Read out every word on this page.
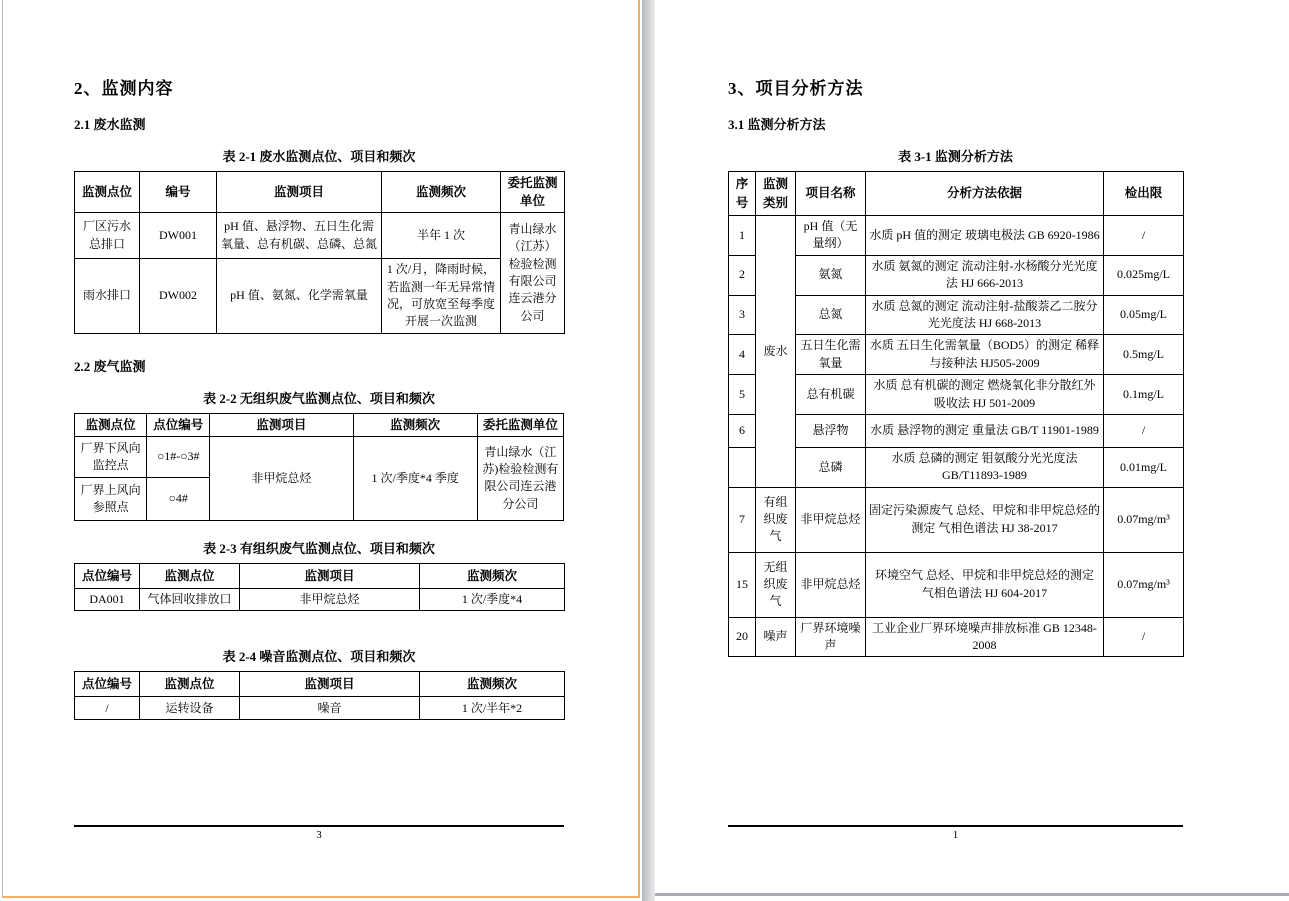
2、监测内容
2.1 废水监测
表 2-1 废水监测点位、项目和频次
监测点位	编号	监测项目	监测频次	委托监测单位
厂区污水总排口	DW001	pH 值、悬浮物、五日生化需氧量、总有机碳、总磷、总氮	半年 1 次	青山绿水（江苏）检验检测有限公司连云港分公司
雨水排口	DW002	pH 值、氨氮、化学需氧量	1 次/月，降雨时候，若监测一年无异常情况，可放宽至每季度开展一次监测	
2.2 废气监测
表 2-2 无组织废气监测点位、项目和频次
监测点位	点位编号	监测项目	监测频次	委托监测单位
厂界下风向监控点	○1#-○3#	非甲烷总烃	1 次/季度*4 季度	青山绿水（江苏)检验检测有限公司连云港分公司
厂界上风向参照点	○4#			
表 2-3 有组织废气监测点位、项目和频次
点位编号	监测点位	监测项目	监测频次
DA001	气体回收排放口	非甲烷总烃	1 次/季度*4
表 2-4 噪音监测点位、项目和频次
点位编号	监测点位	监测项目	监测频次
/	运转设备	噪音	1 次/半年*2
3
3、项目分析方法
3.1 监测分析方法
表 3-1 监测分析方法
序号	监测类别	项目名称	分析方法依据	检出限
1	废水	pH 值（无量纲）	水质 pH 值的测定 玻璃电极法 GB 6920-1986	/
2		氨氮	水质 氨氮的测定 流动注射-水杨酸分光光度法 HJ 666-2013	0.025mg/L
3		总氮	水质 总氮的测定 流动注射-盐酸萘乙二胺分光光度法 HJ 668-2013	0.05mg/L
4		五日生化需氧量	水质 五日生化需氧量（BOD5）的测定 稀释与接种法 HJ505-2009	0.5mg/L
5		总有机碳	水质 总有机碳的测定 燃烧氧化非分散红外吸收法 HJ 501-2009	0.1mg/L
6		悬浮物	水质 悬浮物的测定 重量法 GB/T 11901-1989	/
		总磷	水质 总磷的测定 钼氨酸分光光度法 GB/T11893-1989	0.01mg/L
7	有组织废气	非甲烷总烃	固定污染源废气 总烃、甲烷和非甲烷总烃的测定 气相色谱法 HJ 38-2017	0.07mg/m³
15	无组织废气	非甲烷总烃	环境空气 总烃、甲烷和非甲烷总烃的测定 气相色谱法 HJ 604-2017	0.07mg/m³
20	噪声	厂界环境噪声	工业企业厂界环境噪声排放标准 GB 12348-2008	/
1
